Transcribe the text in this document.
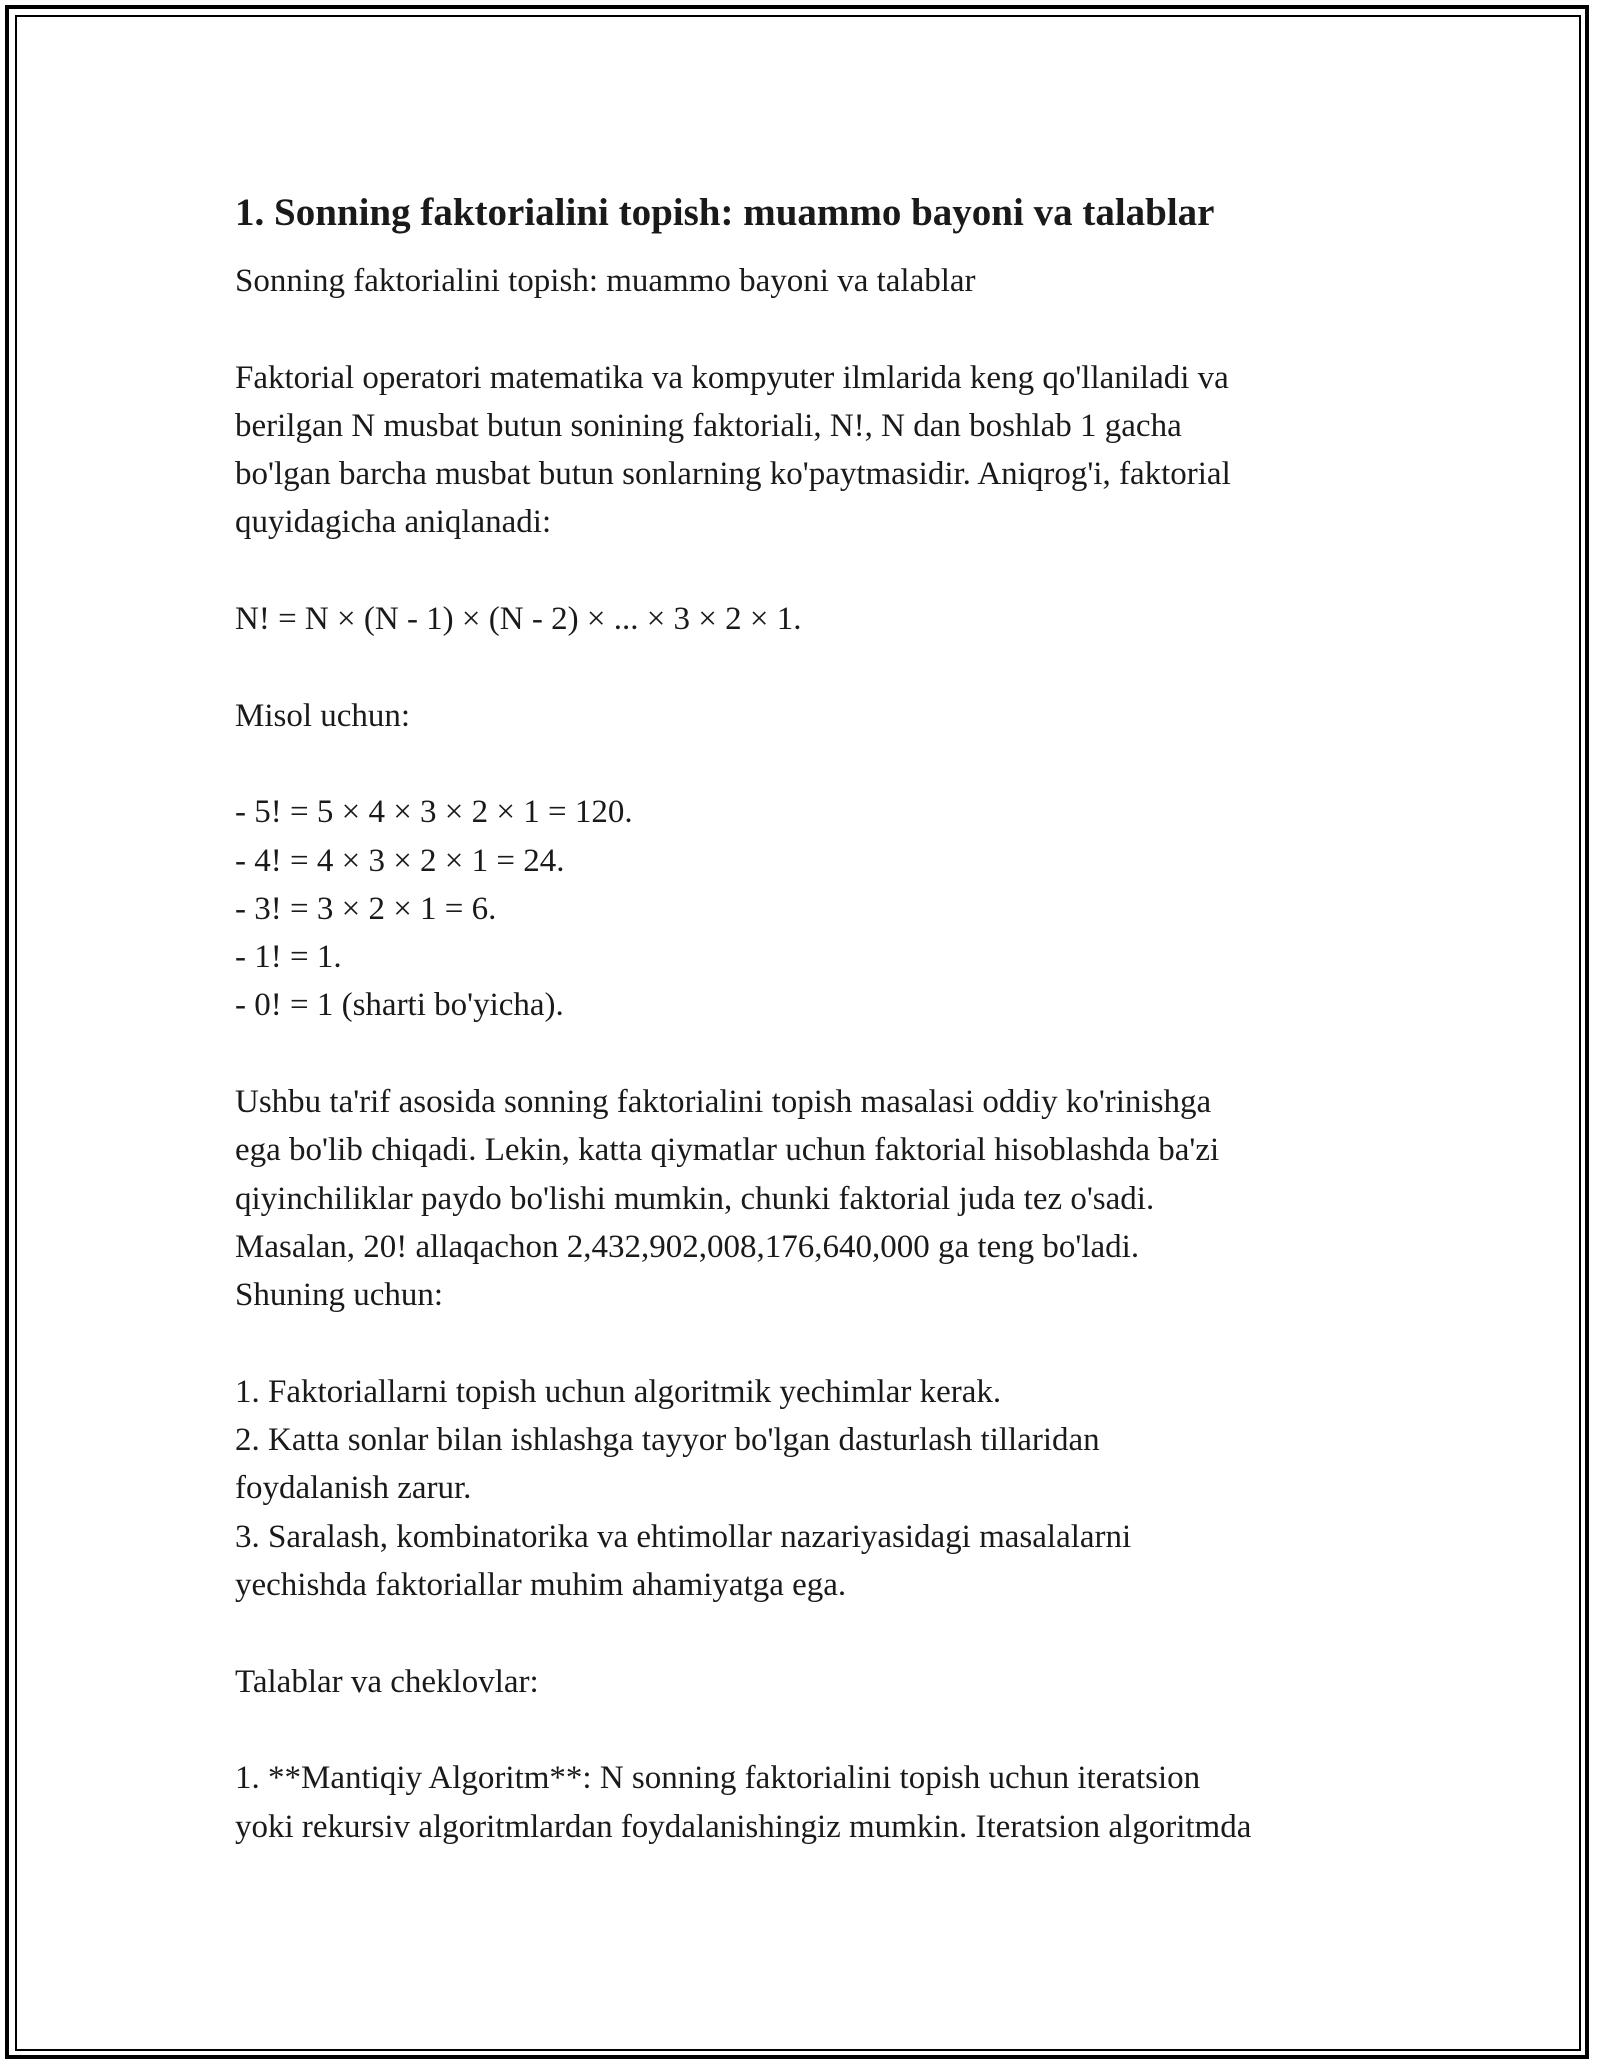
1. Sonning faktorialini topish: muammo bayoni va talablar

Sonning faktorialini topish: muammo bayoni va talablar

Faktorial operatori matematika va kompyuter ilmlarida keng qo'llaniladi va

berilgan N musbat butun sonining faktoriali, N!, N dan boshlab 1 gacha

bo'lgan barcha musbat butun sonlarning ko'paytmasidir. Aniqrog'i, faktorial

quyidagicha aniqlanadi:

N! = N × (N - 1) × (N - 2) × ... × 3 × 2 × 1.

Misol uchun:

- 5! = 5 × 4 × 3 × 2 × 1 = 120.

- 4! = 4 × 3 × 2 × 1 = 24.

- 3! = 3 × 2 × 1 = 6.

- 1! = 1.

- 0! = 1 (sharti bo'yicha).

Ushbu ta'rif asosida sonning faktorialini topish masalasi oddiy ko'rinishga

ega bo'lib chiqadi. Lekin, katta qiymatlar uchun faktorial hisoblashda ba'zi

qiyinchiliklar paydo bo'lishi mumkin, chunki faktorial juda tez o'sadi.

Masalan, 20! allaqachon 2,432,902,008,176,640,000 ga teng bo'ladi.

Shuning uchun:

1. Faktoriallarni topish uchun algoritmik yechimlar kerak.

2. Katta sonlar bilan ishlashga tayyor bo'lgan dasturlash tillaridan

foydalanish zarur.

3. Saralash, kombinatorika va ehtimollar nazariyasidagi masalalarni

yechishda faktoriallar muhim ahamiyatga ega.

Talablar va cheklovlar:

1. **Mantiqiy Algoritm**: N sonning faktorialini topish uchun iteratsion

yoki rekursiv algoritmlardan foydalanishingiz mumkin. Iteratsion algoritmda
